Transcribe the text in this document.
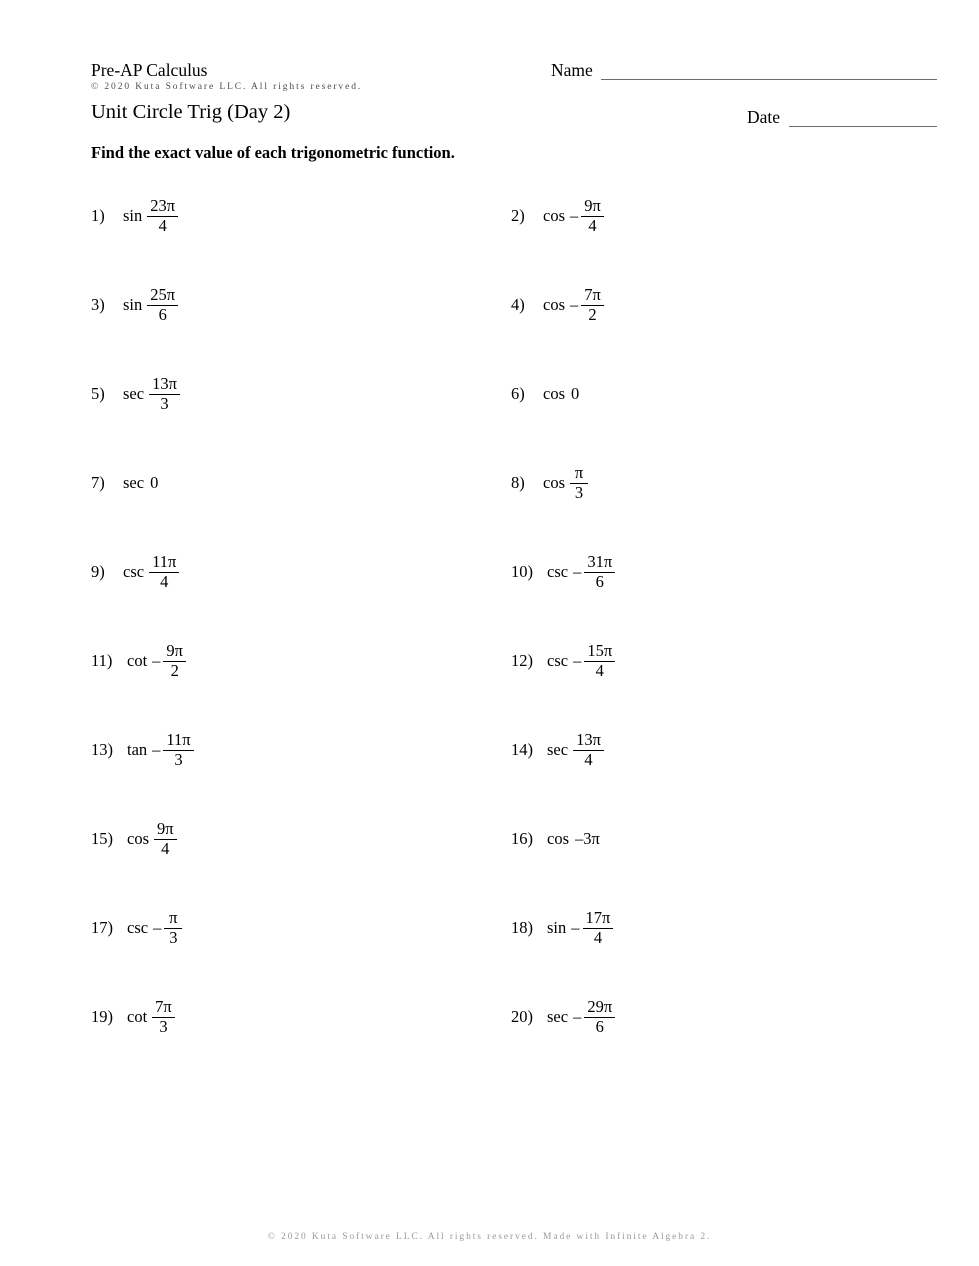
Pre-AP Calculus
© 2020 Kuta Software LLC. All rights reserved.
Unit Circle Trig (Day 2)
Name
Date
Find the exact value of each trigonometric function.
1)	$\sin \frac{23\pi}{4}$	2)	cos – $\frac{9\pi}{4}$
3)	$\sin \frac{25\pi}{6}$	4)	cos – $\frac{7\pi}{2}$
5)	$\sec \frac{13\pi}{3}$	6)	cos 0
7)	sec 0	8)	$\cos \frac{\pi}{3}$
9)	$\csc \frac{11\pi}{4}$	10) csc – $\frac{31\pi}{6}$
11) cot – $\frac{9\pi}{2}$	12) csc – $\frac{15\pi}{4}$
13) tan – $\frac{11\pi}{3}$	14) $\sec \frac{13\pi}{4}$
15) $\cos \frac{9\pi}{4}$	16) cos –3π
17) csc – $\frac{\pi}{3}$	18) sin – $\frac{17\pi}{4}$
19) $\cot \frac{7\pi}{3}$	20) sec – $\frac{29\pi}{6}$
© 2020 Kuta Software LLC. All rights reserved. Made with Infinite Algebra 2.
